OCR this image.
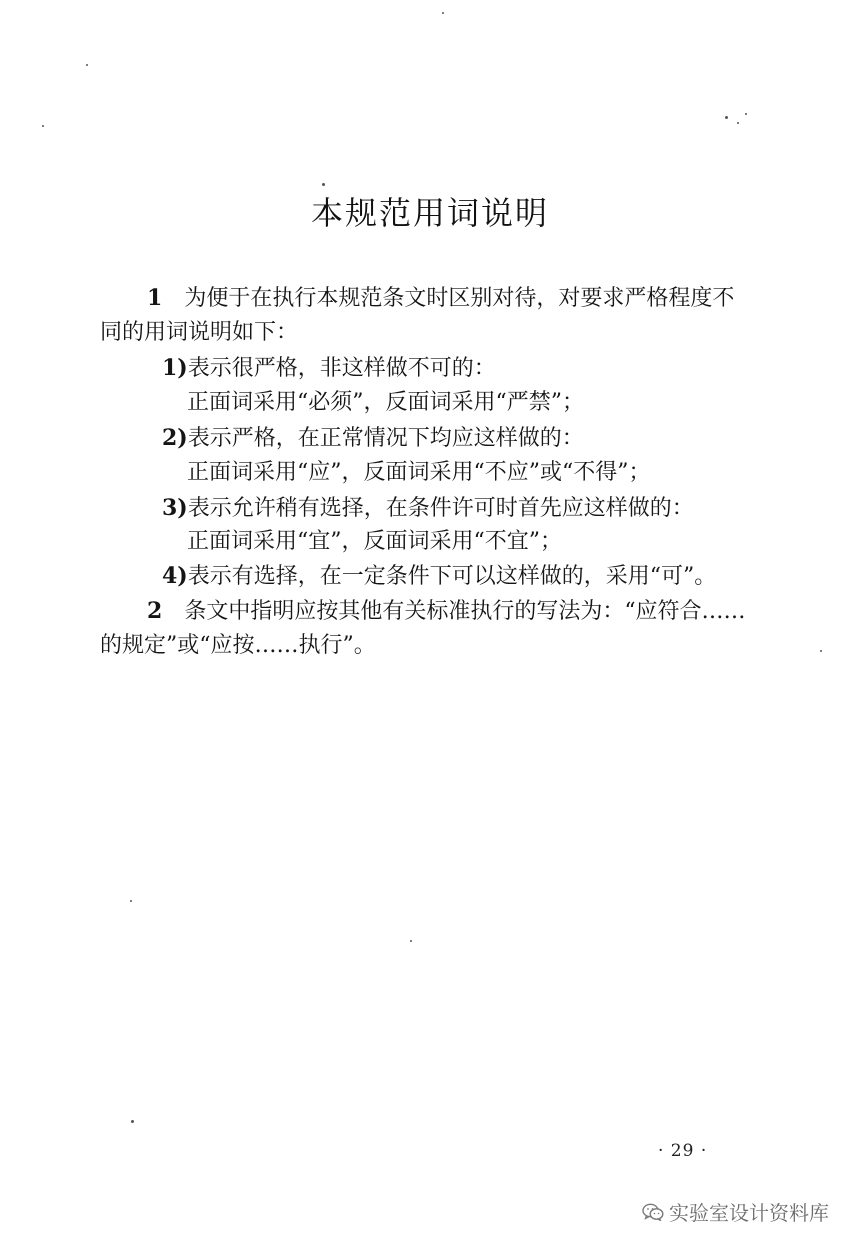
本规范用词说明
1 为便于在执行本规范条文时区别对待，对要求严格程度不
同的用词说明如下：
1)表示很严格，非这样做不可的：
正面词采用“必须”，反面词采用“严禁”；
2)表示严格，在正常情况下均应这样做的：
正面词采用“应”，反面词采用“不应”或“不得”；
3)表示允许稍有选择，在条件许可时首先应这样做的：
正面词采用“宜”，反面词采用“不宜”；
4)表示有选择，在一定条件下可以这样做的，采用“可”。
2 条文中指明应按其他有关标准执行的写法为：“应符合……
的规定”或“应按……执行”。
· 29 ·
实验室设计资料库
